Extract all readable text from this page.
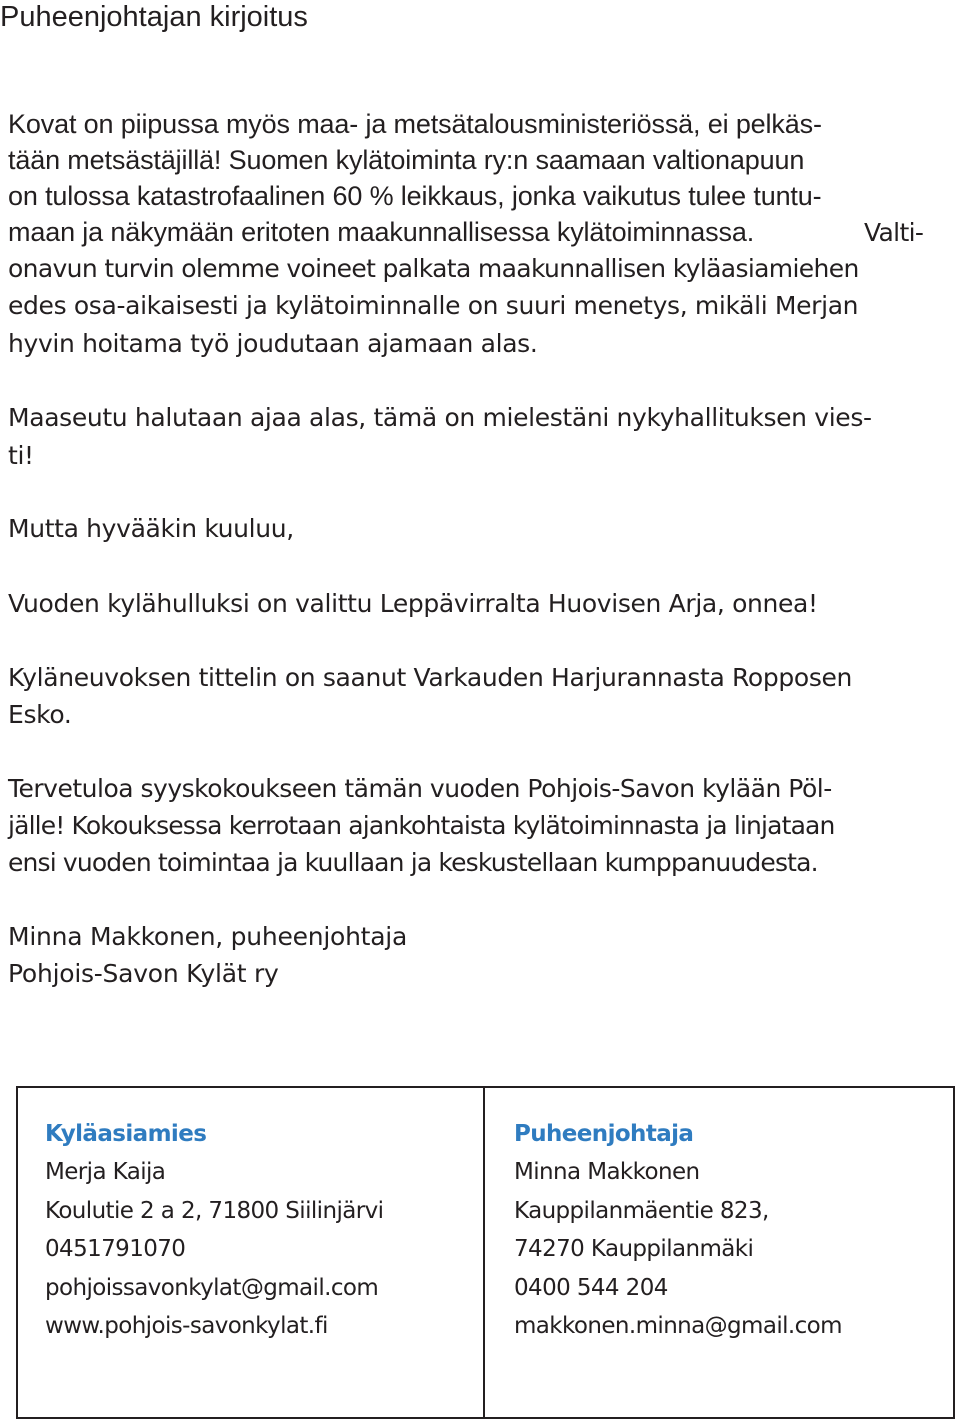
Puheenjohtajan kirjoitus
Kovat on piipussa myös maa- ja metsätalousministeriössä, ei pelkäs-
tään metsästäjillä! Suomen kylätoiminta ry:n saamaan valtionapuun
on tulossa katastrofaalinen 60 % leikkaus, jonka vaikutus tulee tuntu-
maan ja näkymään eritoten maakunnallisessa kylätoiminnassa.	Valti-
onavun turvin olemme voineet palkata maakunnallisen kyläasiamiehen
edes osa-aikaisesti ja kylätoiminnalle on suuri menetys, mikäli Merjan
hyvin hoitama työ joudutaan ajamaan alas.
Maaseutu halutaan ajaa alas, tämä on mielestäni nykyhallituksen vies-
ti!
Mutta hyvääkin kuuluu,
Vuoden kylähulluksi on valittu Leppävirralta Huovisen Arja, onnea!
Kyläneuvoksen tittelin on saanut Varkauden Harjurannasta Ropposen
Esko.
Tervetuloa syyskokoukseen tämän vuoden Pohjois-Savon kylään Pöl-
jälle! Kokouksessa kerrotaan ajankohtaista kylätoiminnasta ja linjataan
ensi vuoden toimintaa ja kuullaan ja keskustellaan kumppanuudesta.
Minna Makkonen, puheenjohtaja
Pohjois-Savon Kylät ry
Kyläasiamies
Merja Kaija
Koulutie 2 a 2, 71800 Siilinjärvi
0451791070
pohjoissavonkylat@gmail.com
www.pohjois-savonkylat.fi
Puheenjohtaja
Minna Makkonen
Kauppilanmäentie 823,
74270 Kauppilanmäki
0400 544 204
makkonen.minna@gmail.com
